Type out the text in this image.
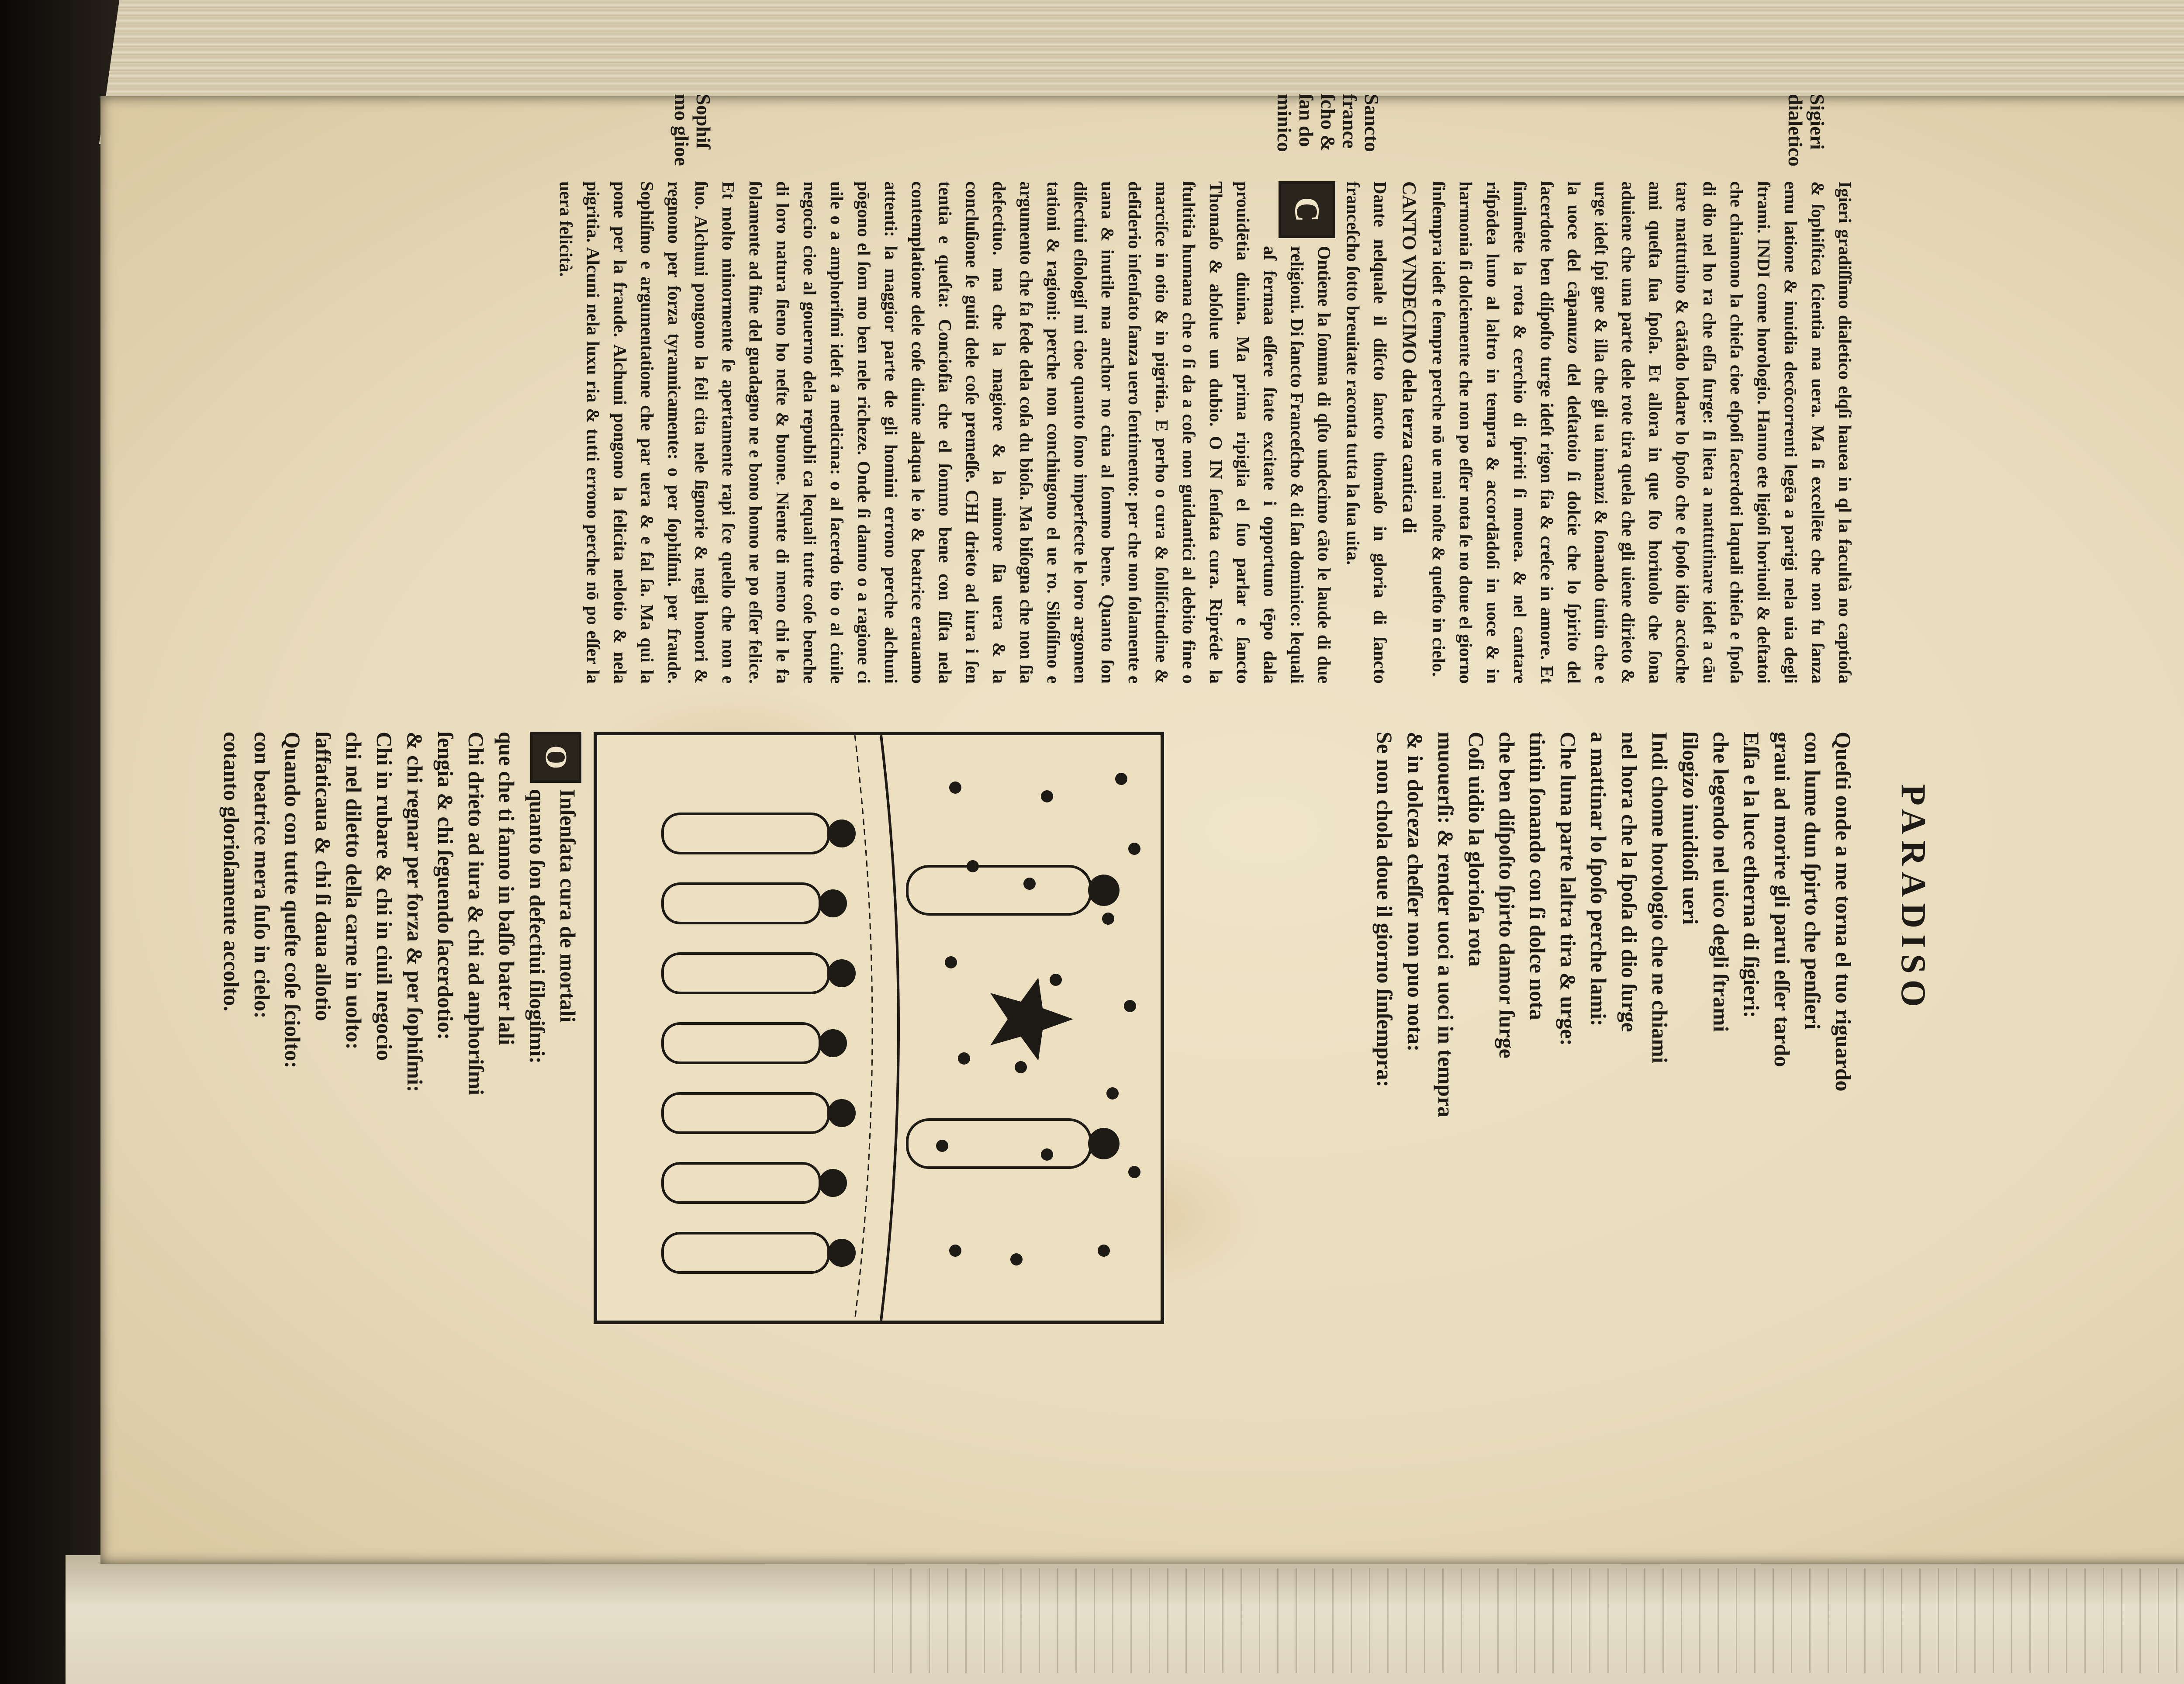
PARADISO
Sigieri dialetico
Sancto france ſcho & ſan do minico
Sophiſ mo glioe

Igieri gradiſſimo dialetico elqſi hauea in ql la facultà no captioſa & ſophiſtica ſcientia ma uera. Ma ſi excellēte che non fu ſanza emu latione & inuidia decōcorrenti legēa a parigi nela uia degli ſtrami. INDI come horologio. Hanno ete ligioſi horiuoli & deſtatoi che chiamono la chieſa cioe eſpoſi ſacerdoti laquali chieſa e ſpoſa di dio nel ho ra che eſſa ſurge: ſi lieta a mattutinare ideſt a cāu tare mattutino & cātādo lodare lo ſpoſo che e ſpoſo idio accioche ami queſta ſua ſpoſa. Et allora in que ſto horiuolo che ſona aduiene che una parte dele rote tira quela che gli uiene dirieto & urge ideſt ſpi gne & illa che gli ua innanzi & ſonando tintin che e la uoce del cāpanuzo del deſtatoio ſi dolcie che lo ſpirito del ſacerdote ben diſpoſto turge ideſt rigon fia & creſce in amore. Et ſimilmēte la rota & cerchio di ſpiriti ſi mouea. & nel cantare riſpōdea luno al laltro in tempra & accordādoſi in uoce & in harmonia ſi dolciemente che non po eſſer nota ſe no doue el giorno ſinſempra ideſt e ſempre perche nō ue mai noſte & queſto in cielo.

CANTO VNDECIMO dela terza cantica di

Dante nelquale il diſcto ſancto thomaſo in gloria di ſancto franceſcho ſotto breuitate raconta tutta la ſua uita.

C

Ontiene la ſomma di qſto undecimo cāto le laude di due religioni. Di ſancto Franceſcho & di ſan dominico: lequali aſ fermaa eſſere ſtate excitate i opportuno tēpo dala prouidētia diuina. Ma prima ripiglia el ſuo parlar e ſancto Thomaſo & abſolue un dubio. O IN ſenſata cura. Ripréde la ſtultitia humana che o ſi da a coſe non guidantici al debito fine o marciſce in otio & in pigritia. E perho o cura & ſolliſcitudine & deſiderio inſenſato ſanza uero ſentimento: per che non ſolamente e uana & inutile ma anchor no ciua al ſommo bene. Quanto ſon diſectiui eſiologiſ mi cioe quanto ſono imperfecte le loro argomen tationi & ragioni: perche non conchiugono el ue ro. Siloſiſmo e argumento che fa fede dela coſa du bioſa. Ma biſogna che non ſia defectiuo. ma che la magiore & la minore ſia uera & la concluſione ſe guiti dele coſe premeſſe. CHI drieto ad iura i ſen tentia e queſta: Conciofia che el ſommo bene con ſiſta nela contemplatione dele coſe diuine alaqua le io & beatrice erauamo attenti: la maggior parte de gli homini errono perche alchuni pōgono el ſom mo ben nele richeze. Onde ſi danno o a ragione ci uile o a amphoriſmi ideſt a medicina: o al ſacerdo tio o al ciuile negocio cioe al gouerno dela republi ca lequali tutte coſe benche di loro natura ſieno ho neſte & buone. Niente di meno chi le fa ſolamente ad fine del guadagno ne e bono homo ne po eſſer felice. Et molto minormente ſe apertamente rapi ſce quello che non e ſuo. Alchuni pongono la feli cita nele ſignorie & negli honori & regnono per forza tyrannicamente: o per ſophiſmi. per fraude. Sophiſmo e argumentatione che par uera & e fal ſa. Ma qui la pone per la fraude. Alchuni pongono la felicita nelotio & nela pigritia. Alcuni nela luxu ria & tutti errono perche nō po eſſer la uera felicità.

Queſti onde a me torna el tuo riguardo
con lume dun ſpirto che penſieri
graui ad morire gli parui eſſer tardo
Eſſa e la luce etherna di ſigieri:
che legendo nel uico degli ſtrami
ſilogizo inuidioſi ueri
Indi chome horologio che ne chiami
nel hora che la ſpoſa di dio ſurge
a mattinar lo ſpoſo perche lami:
Che luna parte laltra tira & urge:
tintin ſonando con ſi dolce nota
che ben diſpoſto ſpirto damor ſurge
Coſi uidio la glorioſa rota
muouerſi: & render uoci a uoci in tempra
& in dolceza cheſſer non puo nota:
Se non chola doue il giorno ſinſempra:
O
Inſenſata cura de mortali
quanto ſon defectiui ſilogiſmi:
que che ti fanno in baſſo bater lali
Chi drieto ad iura & chi ad anphoriſmi
ſengia & chi ſeguendo ſacerdotio:
& chi regnar per forza & per ſophiſmi:
Chi in rubare & chi in ciuil negocio
chi nel diletto della carne in uolto:
ſaffaticaua & chi ſi daua allotio
Quando con tutte queſte coſe ſciolto:
con beatrice mera ſuſo in cielo:
cotanto glorioſamente accolto.
